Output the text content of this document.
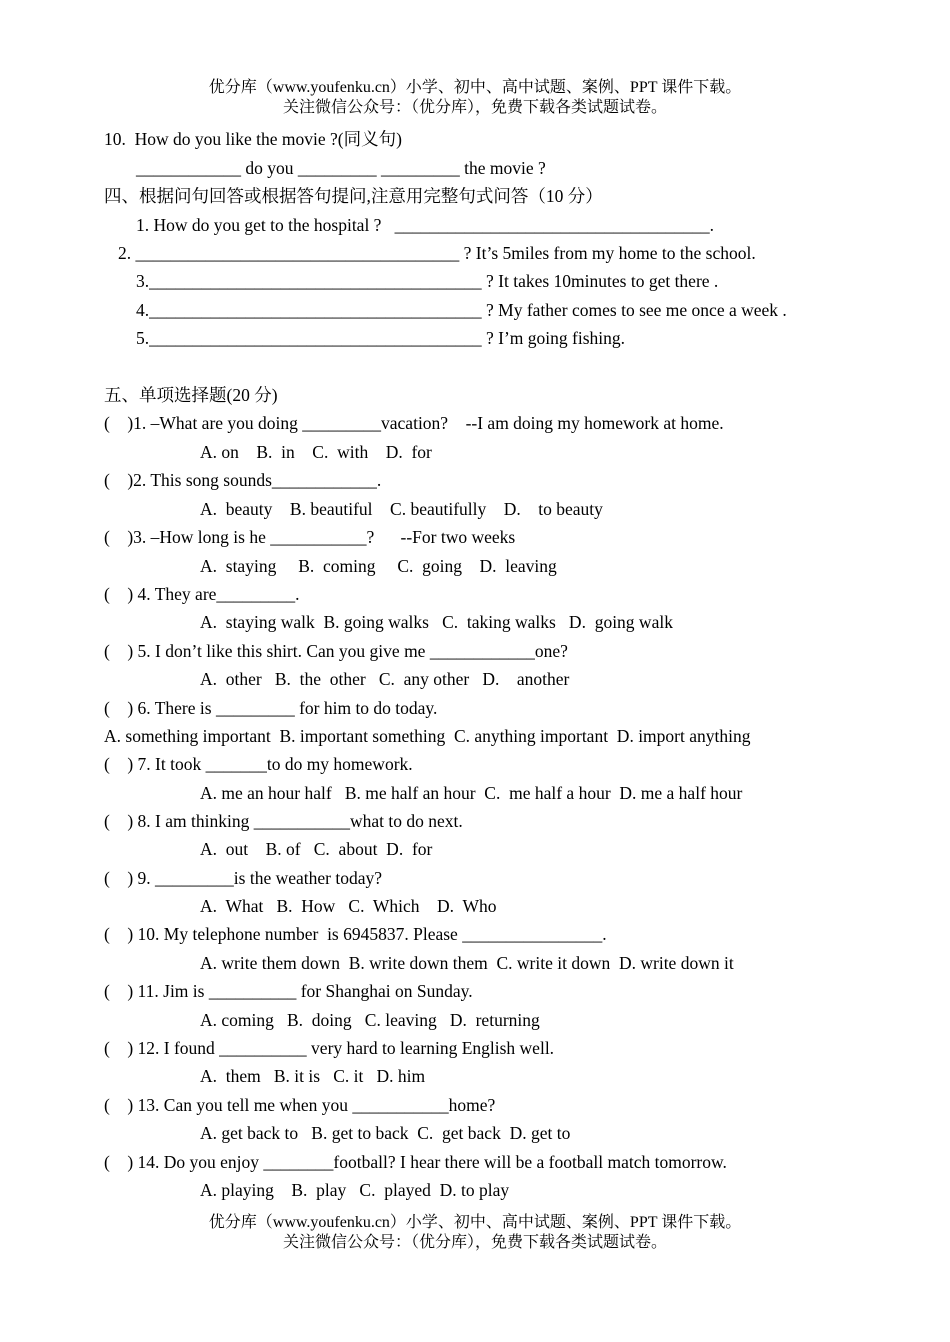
优分库（www.youfenku.cn）小学、初中、高中试题、案例、PPT 课件下载。
关注微信公众号：（优分库），免费下载各类试题试卷。
10.  How do you like the movie ?(同义句)
____________ do you _________ _________ the movie ?
四、根据问句回答或根据答句提问,注意用完整句式问答（10 分）
1. How do you get to the hospital ?   ____________________________________.
2. _____________________________________ ? It’s 5miles from my home to the school.
3.______________________________________ ? It takes 10minutes to get there .
4.______________________________________ ? My father comes to see me once a week .
5.______________________________________ ? I’m going fishing.
五、单项选择题(20 分)
(    )1. –What are you doing _________vacation?    --I am doing my homework at home.
A. on    B.  in    C.  with    D.  for
(    )2. This song sounds____________.
A.  beauty    B. beautiful    C. beautifully    D.    to beauty
(    )3. –How long is he ___________?      --For two weeks
A.  staying     B.  coming     C.  going    D.  leaving
(    ) 4. They are_________.
A.  staying walk  B. going walks   C.  taking walks   D.  going walk
(    ) 5. I don’t like this shirt. Can you give me ____________one?
A.  other   B.  the  other   C.  any other   D.    another
(    ) 6. There is _________ for him to do today.
A. something important  B. important something  C. anything important  D. import anything
(    ) 7. It took _______to do my homework.
A. me an hour half   B. me half an hour  C.  me half a hour  D. me a half hour
(    ) 8. I am thinking ___________what to do next.
A.  out    B. of   C.  about  D.  for
(    ) 9. _________is the weather today?
A.  What   B.  How   C.  Which    D.  Who
(    ) 10. My telephone number  is 6945837. Please ________________.
A. write them down  B. write down them  C. write it down  D. write down it
(    ) 11. Jim is __________ for Shanghai on Sunday.
A. coming   B.  doing   C. leaving   D.  returning
(    ) 12. I found __________ very hard to learning English well.
A.  them   B. it is   C. it   D. him
(    ) 13. Can you tell me when you ___________home?
A. get back to   B. get to back  C.  get back  D. get to
(    ) 14. Do you enjoy ________football? I hear there will be a football match tomorrow.
A. playing    B.  play   C.  played  D. to play
优分库（www.youfenku.cn）小学、初中、高中试题、案例、PPT 课件下载。
关注微信公众号：（优分库），免费下载各类试题试卷。
